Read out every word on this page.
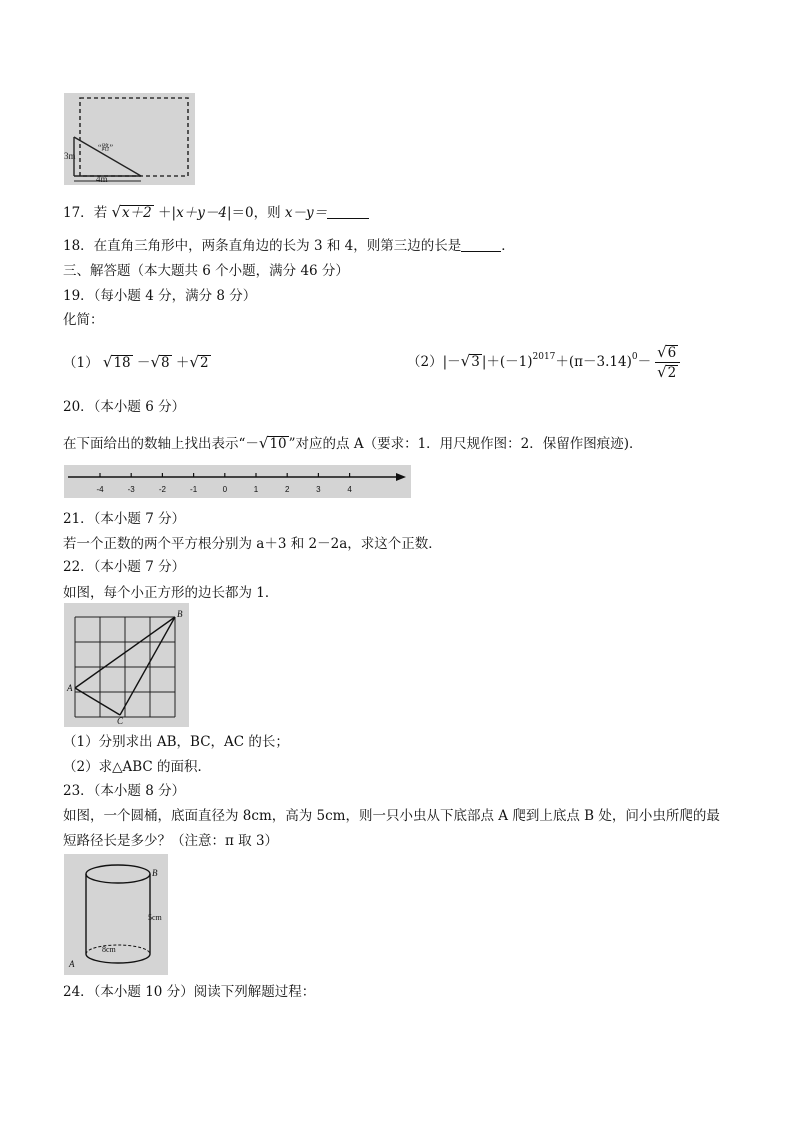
3m
4m
“路”
17．若 √x＋2 ＋|x＋y－4|＝0，则 x－y＝
18．在直角三角形中，两条直角边的长为 3 和 4，则第三边的长是	．
三、解答题（本大题共 6 个小题，满分 46 分）
19．（每小题 4 分，满分 8 分）
化简：
（1） √18 －√8 ＋√2	（2）|－√3 $|+(-1)^{2017}+(\pi-3.14)^0- \frac{√6}{√2}$
20．（本小题 6 分）
在下面给出的数轴上找出表示“－√10 ”对应的点 A（要求：1．用尺规作图：2．保留作图痕迹)．
-4	-3	-2	-1	0	1	2	3	4
21．（本小题 7 分）
若一个正数的两个平方根分别为 a＋3 和 2－2a，求这个正数．
22．（本小题 7 分）
如图，每个小正方形的边长都为 1．
A
B
C
（1）分别求出 AB，BC，AC 的长；
（2）求△ABC 的面积．
23．（本小题 8 分）
如图，一个圆桶，底面直径为 8cm，高为 5cm，则一只小虫从下底部点 A 爬到上底点 B 处，问小虫所爬的最
短路径长是多少？（注意：π 取 3）
B
A
5cm
8cm
24．（本小题 10 分）阅读下列解题过程：
